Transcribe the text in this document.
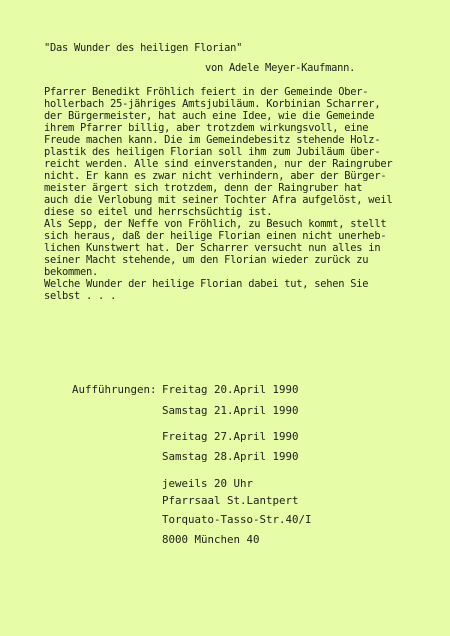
"Das Wunder des heiligen Florian"
von Adele Meyer-Kaufmann.
Pfarrer Benedikt Fröhlich feiert in der Gemeinde Ober-
hollerbach 25-jähriges Amtsjubiläum. Korbinian Scharrer,
der Bürgermeister, hat auch eine Idee, wie die Gemeinde
ihrem Pfarrer billig, aber trotzdem wirkungsvoll, eine
Freude machen kann. Die im Gemeindebesitz stehende Holz-
plastik des heiligen Florian soll ihm zum Jubiläum über-
reicht werden. Alle sind einverstanden, nur der Raingruber
nicht. Er kann es zwar nicht verhindern, aber der Bürger-
meister ärgert sich trotzdem, denn der Raingruber hat
auch die Verlobung mit seiner Tochter Afra aufgelöst, weil
diese so eitel und herrschsüchtig ist.
Als Sepp, der Neffe von Fröhlich, zu Besuch kommt, stellt
sich heraus, daß der heilige Florian einen nicht unerheb-
lichen Kunstwert hat. Der Scharrer versucht nun alles in
seiner Macht stehende, um den Florian wieder zurück zu
bekommen.
Welche Wunder der heilige Florian dabei tut, sehen Sie
selbst . . .
Aufführungen: Freitag 20.April 1990
Samstag 21.April 1990
Freitag 27.April 1990
Samstag 28.April 1990
jeweils 20 Uhr
Pfarrsaal St.Lantpert
Torquato-Tasso-Str.40/I
8000 München 40
